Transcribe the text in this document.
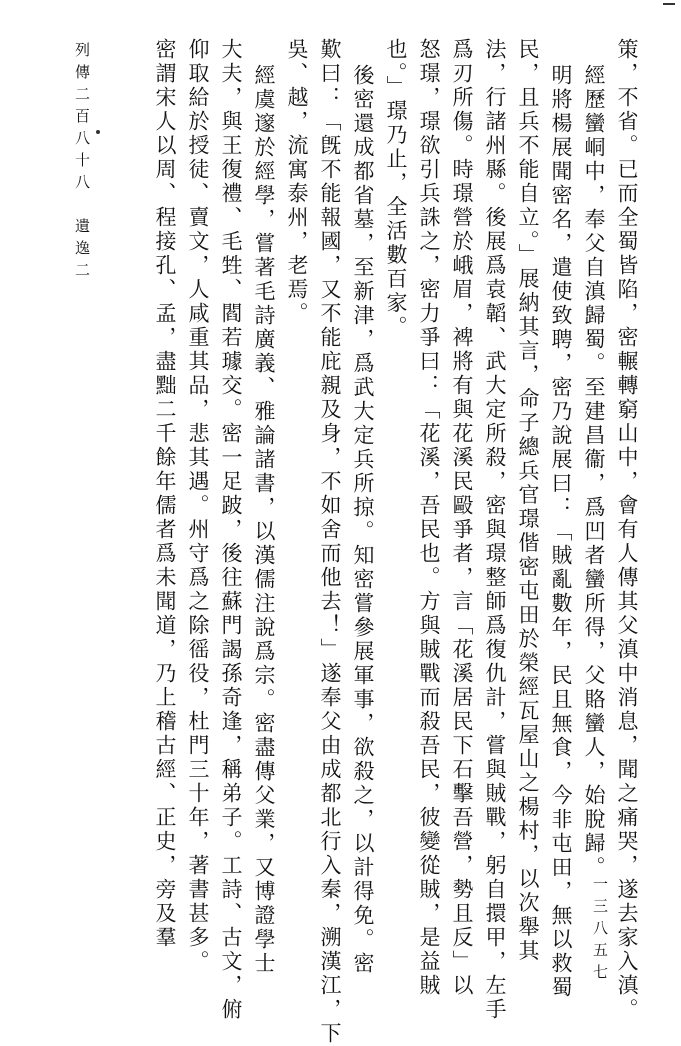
策，不省。已而全蜀皆陷，密輾轉窮山中，會有人傳其父滇中消息，聞之痛哭，遂去家入滇。
經歷蠻峒中，奉父自滇歸蜀。至建昌衞，爲凹者蠻所得，父賂蠻人，始脫歸。
明將楊展聞密名，遣使致聘，密乃說展曰：「賊亂數年，民且無食，今非屯田，無以救蜀
民，且兵不能自立。」展納其言，命子總兵官璟偕密屯田於榮經瓦屋山之楊村，以次舉其
法，行諸州縣。後展爲袁韜、武大定所殺，密與璟整師爲復仇計，嘗與賊戰，躬自擐甲，左手
爲刃所傷。時璟營於峨眉，裨將有與花溪民毆爭者，言「花溪居民下石擊吾營，勢且反」以
怒璟，璟欲引兵誅之，密力爭曰：「花溪，吾民也。方與賊戰而殺吾民，彼變從賊，是益賊
也。」璟乃止，全活數百家。
後密還成都省墓，至新津，爲武大定兵所掠。知密嘗參展軍事，欲殺之，以計得免。密
歎曰：「旣不能報國，又不能庇親及身，不如舍而他去！」遂奉父由成都北行入秦，溯漢江，下
吳、越，流寓泰州，老焉。
經虞邃於經學，嘗著毛詩廣義、雅論諸書，以漢儒注說爲宗。密盡傳父業，又博證學士
大夫，與王復禮、毛甡、閻若璩交。密一足跛，後往蘇門謁孫奇逢，稱弟子。工詩、古文，俯
仰取給於授徒、賣文，人咸重其品，悲其遇。州守爲之除徭役，杜門三十年，著書甚多。
密謂宋人以周、程接孔、孟，盡黜二千餘年儒者爲未聞道，乃上稽古經、正史，旁及羣
列傳二百八十八　遺逸二
一三八五七
